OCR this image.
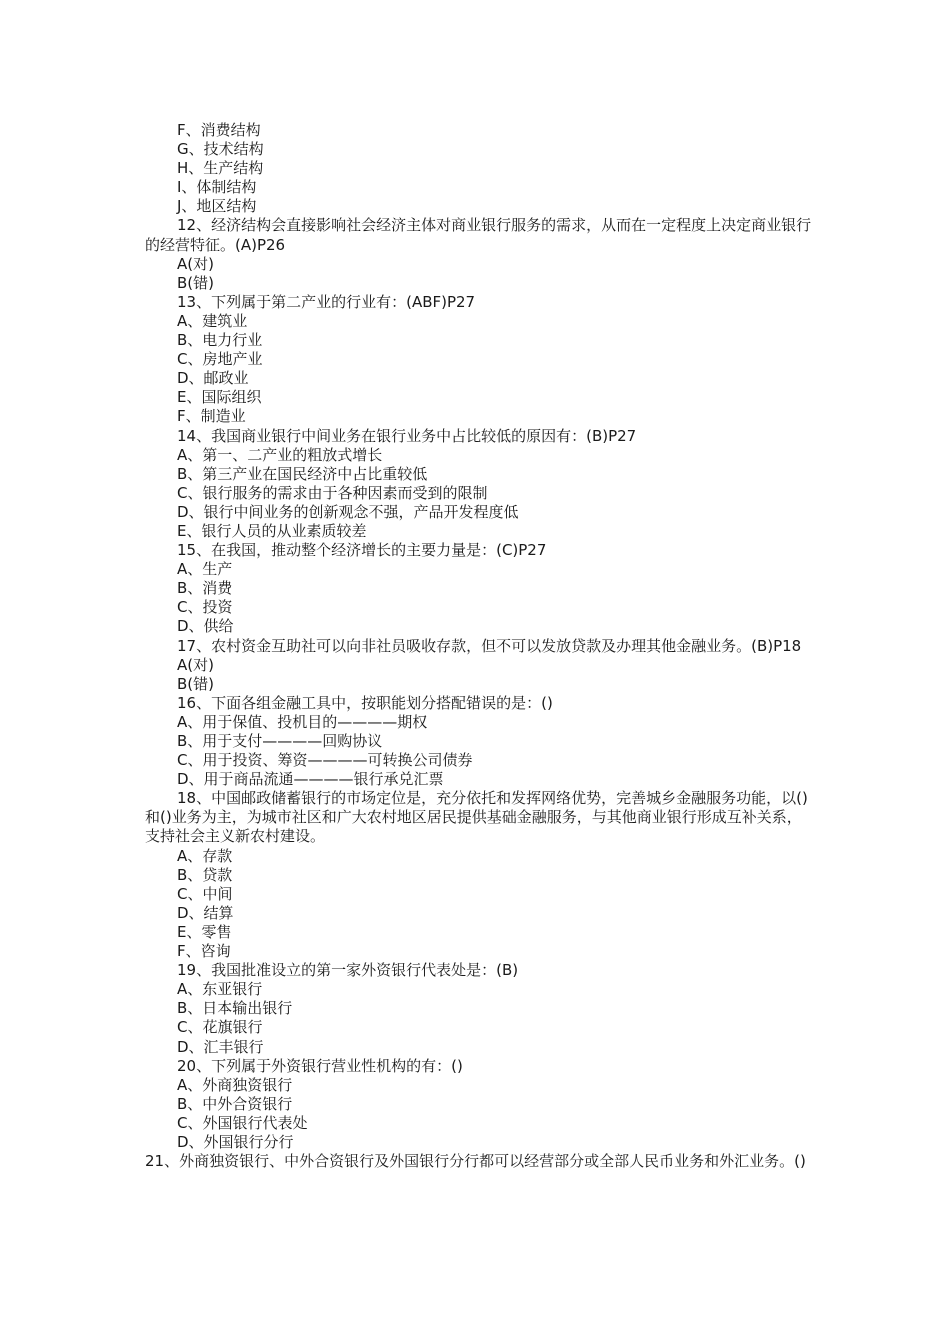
F、消费结构

G、技术结构

H、生产结构

I、体制结构

J、地区结构

12、经济结构会直接影响社会经济主体对商业银行服务的需求，从而在一定程度上决定商业银行的经营特征。(A)P26

A(对)

B(错)

13、下列属于第二产业的行业有：(ABF)P27

A、建筑业

B、电力行业

C、房地产业

D、邮政业

E、国际组织

F、制造业

14、我国商业银行中间业务在银行业务中占比较低的原因有：(B)P27

A、第一、二产业的粗放式增长

B、第三产业在国民经济中占比重较低

C、银行服务的需求由于各种因素而受到的限制

D、银行中间业务的创新观念不强，产品开发程度低

E、银行人员的从业素质较差

15、在我国，推动整个经济增长的主要力量是：(C)P27

A、生产

B、消费

C、投资

D、供给

17、农村资金互助社可以向非社员吸收存款，但不可以发放贷款及办理其他金融业务。(B)P18

A(对)

B(错)

16、下面各组金融工具中，按职能划分搭配错误的是：()

A、用于保值、投机目的————期权

B、用于支付————回购协议

C、用于投资、筹资————可转换公司债券

D、用于商品流通————银行承兑汇票

18、中国邮政储蓄银行的市场定位是，充分依托和发挥网络优势，完善城乡金融服务功能，以()和()业务为主，为城市社区和广大农村地区居民提供基础金融服务，与其他商业银行形成互补关系，支持社会主义新农村建设。

A、存款

B、贷款

C、中间

D、结算

E、零售

F、咨询

19、我国批准设立的第一家外资银行代表处是：(B)

A、东亚银行

B、日本输出银行

C、花旗银行

D、汇丰银行

20、下列属于外资银行营业性机构的有：()

A、外商独资银行

B、中外合资银行

C、外国银行代表处

D、外国银行分行

21、外商独资银行、中外合资银行及外国银行分行都可以经营部分或全部人民币业务和外汇业务。()
